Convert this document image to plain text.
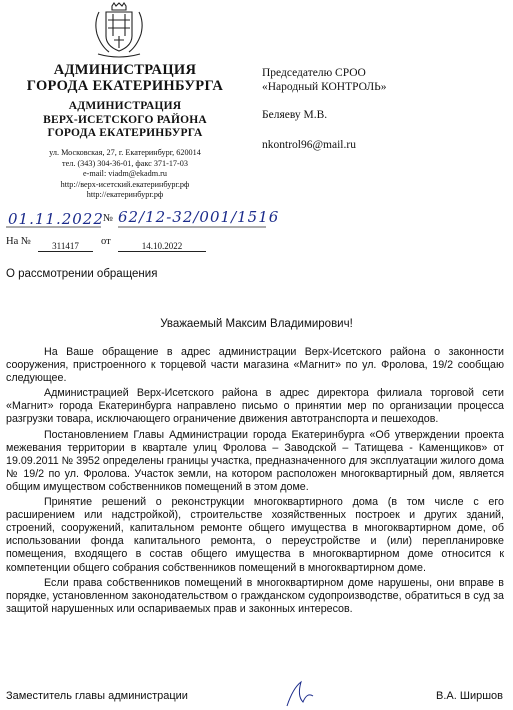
АДМИНИСТРАЦИЯ
ГОРОДА ЕКАТЕРИНБУРГА
АДМИНИСТРАЦИЯ
ВЕРХ-ИСЕТСКОГО РАЙОНА
ГОРОДА ЕКАТЕРИНБУРГА
ул. Московская, 27, г. Екатеринбург, 620014
тел. (343) 304-36-01, факс 371-17-03
e-mail: viadm@ekadm.ru
http://верх-исетский.екатеринбург.рф
http://екатеринбург.рф
Председателю СРОО
«Народный КОНТРОЛЬ»
Беляеву М.В.
nkontrol96@mail.ru
01.11.2022 № 62/12-32/001/1516
На №	311417	от	14.10.2022
О рассмотрении обращения
Уважаемый Максим Владимирович!

На Ваше обращение в адрес администрации Верх-Исетского района о законности сооружения, пристроенного к торцевой части магазина «Магнит» по ул. Фролова, 19/2 сообщаю следующее.

Администрацией Верх-Исетского района в адрес директора филиала торговой сети «Магнит» города Екатеринбурга направлено письмо о принятии мер по организации процесса разгрузки товара, исключающего ограничение движения автотранспорта и пешеходов.

Постановлением Главы Администрации города Екатеринбурга «Об утверждении проекта межевания территории в квартале улиц Фролова – Заводской – Татищева - Каменщиков» от 19.09.2011 № 3952 определены границы участка, предназначенного для эксплуатации жилого дома № 19/2 по ул. Фролова. Участок земли, на котором расположен многоквартирный дом, является общим имуществом собственников помещений в этом доме.

Принятие решений о реконструкции многоквартирного дома (в том числе с его расширением или надстройкой), строительстве хозяйственных построек и других зданий, строений, сооружений, капитальном ремонте общего имущества в многоквартирном доме, об использовании фонда капитального ремонта, о переустройстве и (или) перепланировке помещения, входящего в состав общего имущества в многоквартирном доме относится к компетенции общего собрания собственников помещений в многоквартирном доме.

Если права собственников помещений в многоквартирном доме нарушены, они вправе в порядке, установленном законодательством о гражданском судопроизводстве, обратиться в суд за защитой нарушенных или оспариваемых прав и законных интересов.

Заместитель главы администрации	В.А. Ширшов
